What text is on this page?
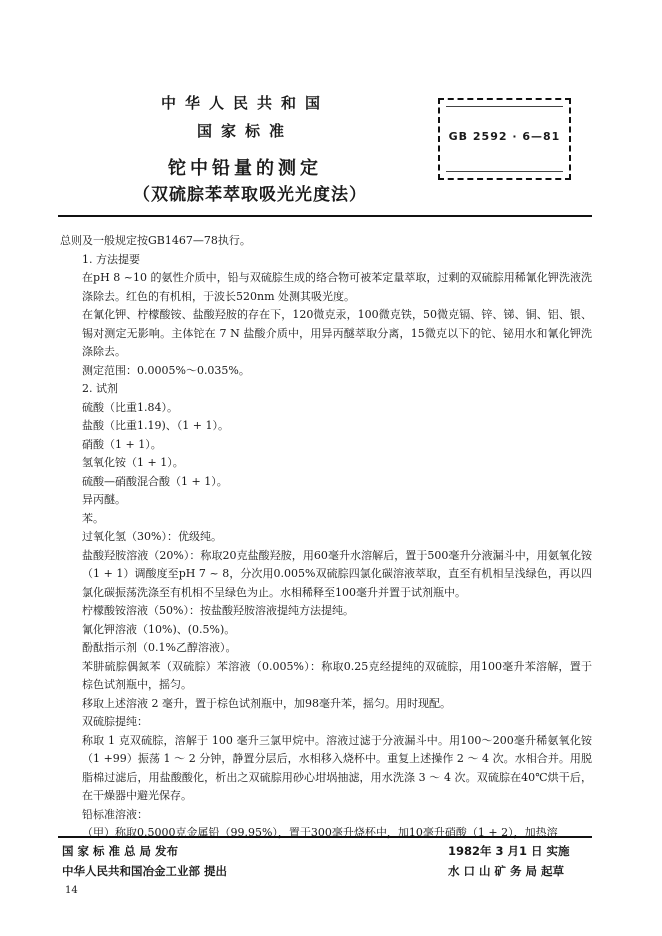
中华人民共和国
国家标准
铊中铅量的测定
（双硫腙苯萃取吸光光度法）
GB 2592 · 6—81

总则及一般规定按GB1467—78执行。

1. 方法提要

在pH 8 ~10 的氨性介质中，铅与双硫腙生成的络合物可被苯定量萃取，过剩的双硫腙用稀氰化钾洗液洗涤除去。红色的有机相，于波长520nm 处测其吸光度。

在氰化钾、柠檬酸铵、盐酸羟胺的存在下，120微克汞，100微克铁，50微克镉、锌、锑、铜、铝、银、锡对测定无影响。主体铊在 7 N 盐酸介质中，用异丙醚萃取分离，15微克以下的铊、铋用水和氰化钾洗涤除去。

测定范围：0.0005%～0.035%。

2. 试剂

硫酸（比重1.84）。

盐酸（比重1.19)、（1 + 1）。

硝酸（1 + 1）。

氢氧化铵（1 + 1）。

硫酸—硝酸混合酸（1 + 1）。

异丙醚。

苯。

过氧化氢（30%）：优级纯。

盐酸羟胺溶液（20%）：称取20克盐酸羟胺，用60毫升水溶解后，置于500毫升分液漏斗中，用氨氧化铵（1 + 1）调酸度至pH 7 ~ 8，分次用0.005%双硫腙四氯化碳溶液萃取，直至有机相呈浅绿色，再以四氯化碳振荡洗涤至有机相不呈绿色为止。水相稀释至100毫升并置于试剂瓶中。

柠檬酸铵溶液（50%）：按盐酸羟胺溶液提纯方法提纯。

氰化钾溶液（10%)、(0.5%)。

酚酞指示剂（0.1%乙醇溶液）。

苯肼硫腙偶氮苯（双硫腙）苯溶液（0.005%）：称取0.25克经提纯的双硫腙，用100毫升苯溶解，置于棕色试剂瓶中，摇匀。

移取上述溶液 2 毫升，置于棕色试剂瓶中，加98毫升苯，摇匀。用时现配。

双硫腙提纯：

称取 1 克双硫腙，溶解于 100 毫升三氯甲烷中。溶液过滤于分液漏斗中。用100～200毫升稀氨氧化铵（1 +99）振荡 1 ～ 2 分钟，静置分层后，水相移入烧杯中。重复上述操作 2 ～ 4 次。水相合并。用脱脂棉过滤后，用盐酸酸化，析出之双硫腙用砂心坩埚抽滤，用水洗涤 3 ～ 4 次。双硫腙在40℃烘干后，在干燥器中避光保存。

铅标准溶液：

（甲）称取0.5000克金属铅（99.95%），置于300毫升烧杯中，加10毫升硝酸（1 + 2），加热溶

国 家 标 准 总 局 发布
中华人民共和国冶金工业部 提出
1982年 3 月1 日 实施
水 口 山 矿 务 局 起草
14
